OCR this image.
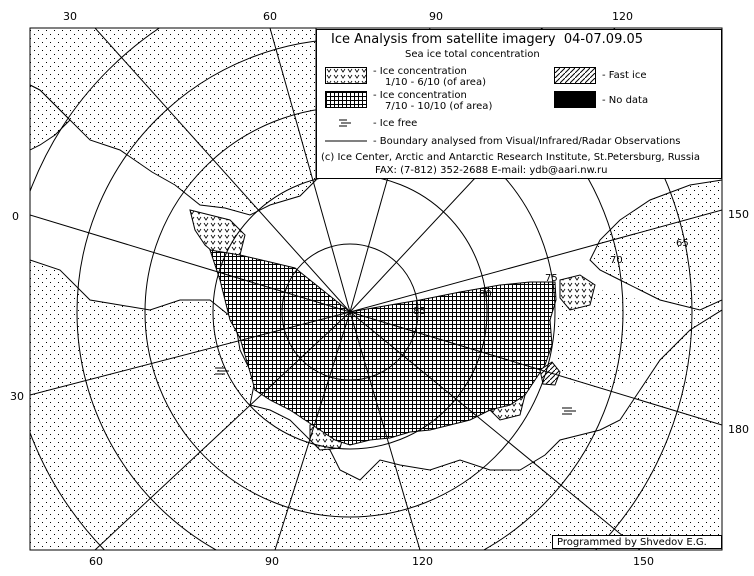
65
70
75
80
85
30	60	90	120
60	90	120	150
0
30
150
180
Ice Analysis from satellite imagery 04-07.09.05
Sea ice total concentration
- Ice concentration
1/10 - 6/10 (of area)
- Ice concentration
7/10 - 10/10 (of area)
- Ice free
- Fast ice
- No data
- Boundary analysed from Visual/Infrared/Radar Observations
(c) Ice Center, Arctic and Antarctic Research Institute, St.Petersburg, Russia
FAX: (7-812) 352-2688 E-mail: ydb@aari.nw.ru
Programmed by Shvedov E.G.
